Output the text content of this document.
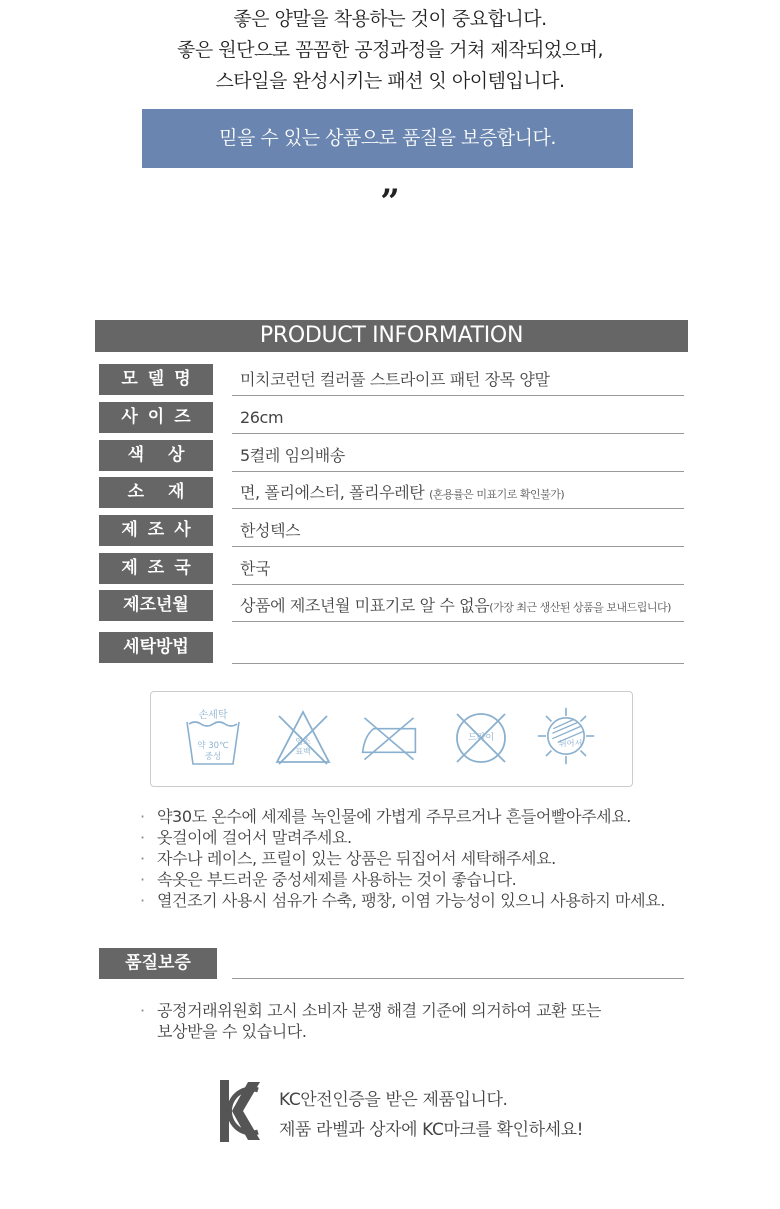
좋은 양말을 착용하는 것이 중요합니다.
좋은 원단으로 꼼꼼한 공정과정을 거쳐 제작되었으며,
스타일을 완성시키는 패션 잇 아이템입니다.
믿을 수 있는 상품으로 품질을 보증합니다.
”
PRODUCT INFORMATION
모델명	미치코런던 컬러풀 스트라이프 패턴 장목 양말
사이즈	26cm
색상	5켤레 임의배송
소재	면, 폴리에스터, 폴리우레탄 (혼용률은 미표기로 확인불가)
제조사	한성텍스
제조국	한국
제조년월	상품에 제조년월 미표기로 알 수 없음(가장 최근 생산된 상품을 보내드립니다)
세탁방법
손세탁
약 30℃
중성
염소
표백
드라이	뉘어서
· 약30도 온수에 세제를 녹인물에 가볍게 주무르거나 흔들어빨아주세요.
· 옷걸이에 걸어서 말려주세요.
· 자수나 레이스, 프릴이 있는 상품은 뒤집어서 세탁해주세요.
· 속옷은 부드러운 중성세제를 사용하는 것이 좋습니다.
· 열건조기 사용시 섬유가 수축, 팽창, 이염 가능성이 있으니 사용하지 마세요.
품질보증
· 공정거래위원회 고시 소비자 분쟁 해결 기준에 의거하여 교환 또는
보상받을 수 있습니다.
KC안전인증을 받은 제품입니다.
제품 라벨과 상자에 KC마크를 확인하세요!
